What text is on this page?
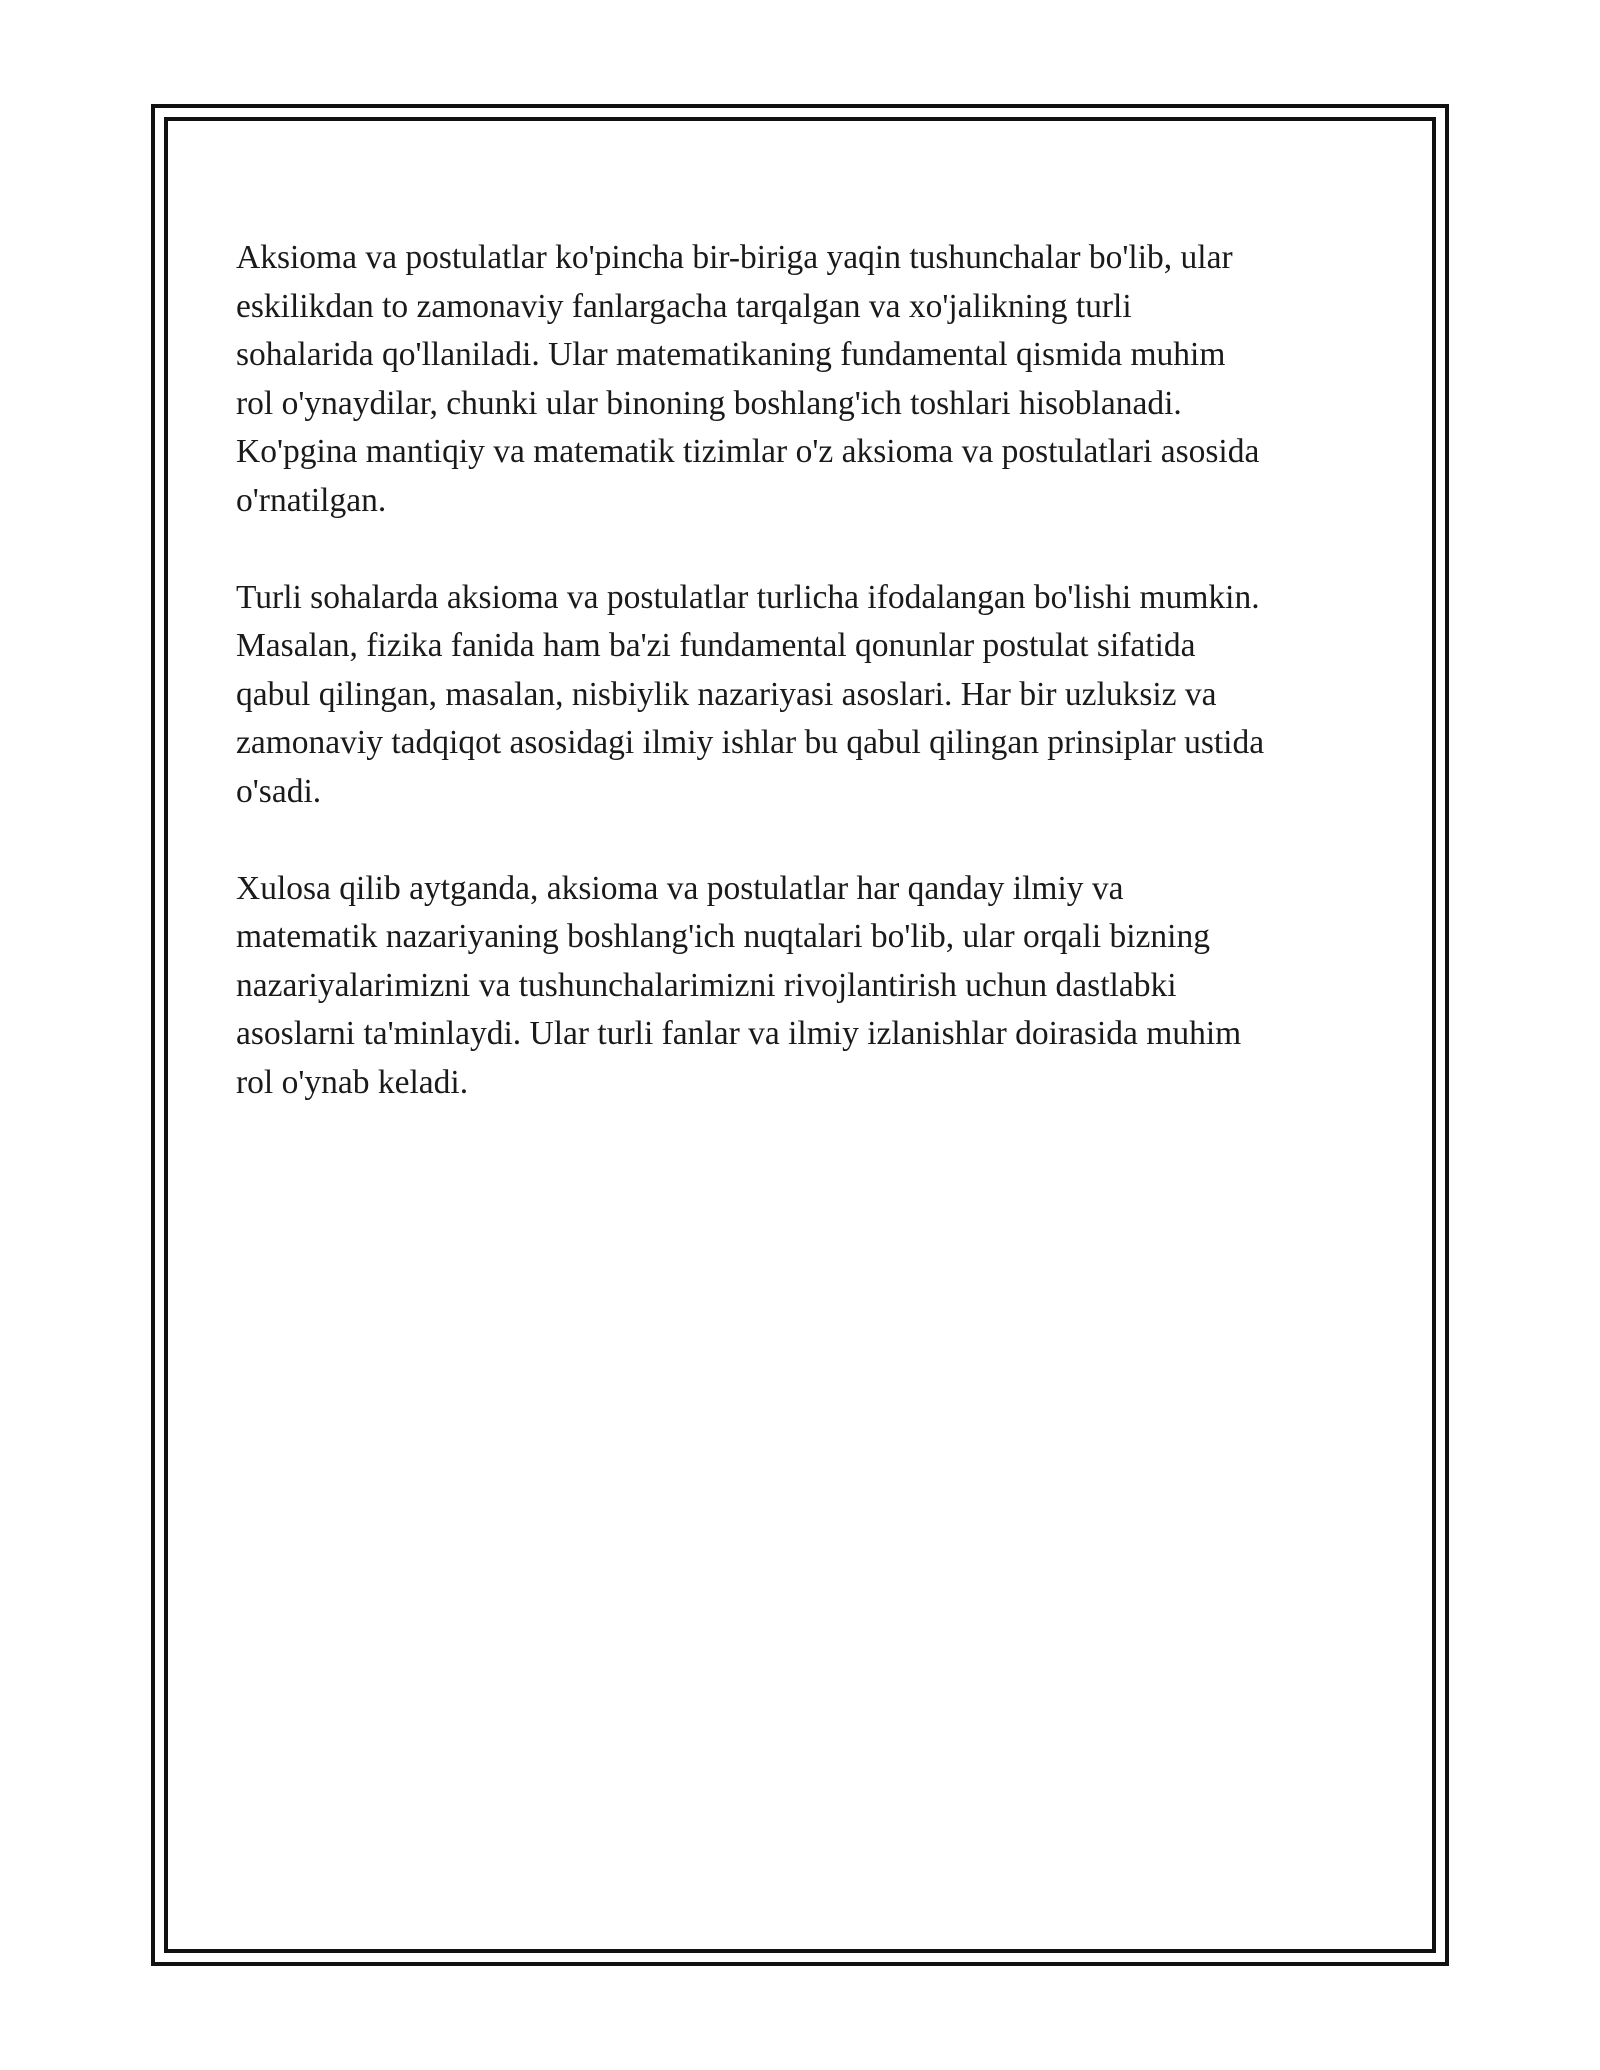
Aksioma va postulatlar ko'pincha bir-biriga yaqin tushunchalar bo'lib, ular
eskilikdan to zamonaviy fanlargacha tarqalgan va xo'jalikning turli
sohalarida qo'llaniladi. Ular matematikaning fundamental qismida muhim
rol o'ynaydilar, chunki ular binoning boshlang'ich toshlari hisoblanadi.
Ko'pgina mantiqiy va matematik tizimlar o'z aksioma va postulatlari asosida
o'rnatilgan.

Turli sohalarda aksioma va postulatlar turlicha ifodalangan bo'lishi mumkin.
Masalan, fizika fanida ham ba'zi fundamental qonunlar postulat sifatida
qabul qilingan, masalan, nisbiylik nazariyasi asoslari. Har bir uzluksiz va
zamonaviy tadqiqot asosidagi ilmiy ishlar bu qabul qilingan prinsiplar ustida
o'sadi.

Xulosa qilib aytganda, aksioma va postulatlar har qanday ilmiy va
matematik nazariyaning boshlang'ich nuqtalari bo'lib, ular orqali bizning
nazariyalarimizni va tushunchalarimizni rivojlantirish uchun dastlabki
asoslarni ta'minlaydi. Ular turli fanlar va ilmiy izlanishlar doirasida muhim
rol o'ynab keladi.
